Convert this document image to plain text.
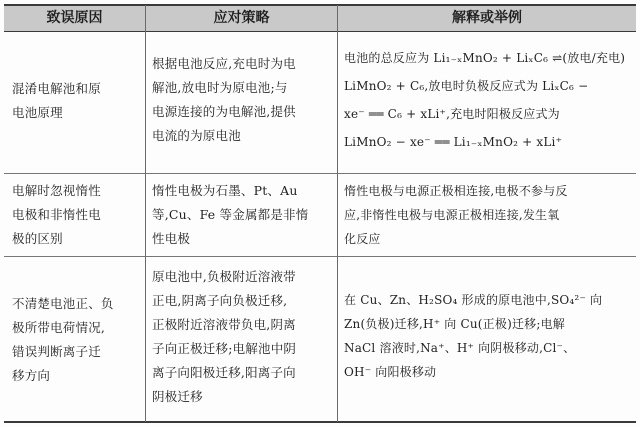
致误原因	应对策略	解释或举例
混淆电解池和原
电池原理
根据电池反应,充电时为电
解池,放电时为原电池;与
电源连接的为电解池,提供
电流的为原电池
电池的总反应为 Li₁₋ₓMnO₂ + LiₓC₆ ⇌(放电/充电)
LiMnO₂ + C₆,放电时负极反应式为 LiₓC₆ −
xe⁻ ══ C₆ + xLi⁺,充电时阳极反应式为
LiMnO₂ − xe⁻ ══ Li₁₋ₓMnO₂ + xLi⁺
电解时忽视惰性
电极和非惰性电
极的区别
惰性电极为石墨、Pt、Au
等,Cu、Fe 等金属都是非惰
性电极
惰性电极与电源正极相连接,电极不参与反
应,非惰性电极与电源正极相连接,发生氧
化反应
不清楚电池正、负
极所带电荷情况,
错误判断离子迁
移方向
原电池中,负极附近溶液带
正电,阴离子向负极迁移,
正极附近溶液带负电,阴离
子向正极迁移;电解池中阴
离子向阳极迁移,阳离子向
阴极迁移
在 Cu、Zn、H₂SO₄ 形成的原电池中,SO₄²⁻ 向
Zn(负极)迁移,H⁺ 向 Cu(正极)迁移;电解
NaCl 溶液时,Na⁺、H⁺ 向阴极移动,Cl⁻、
OH⁻ 向阳极移动
